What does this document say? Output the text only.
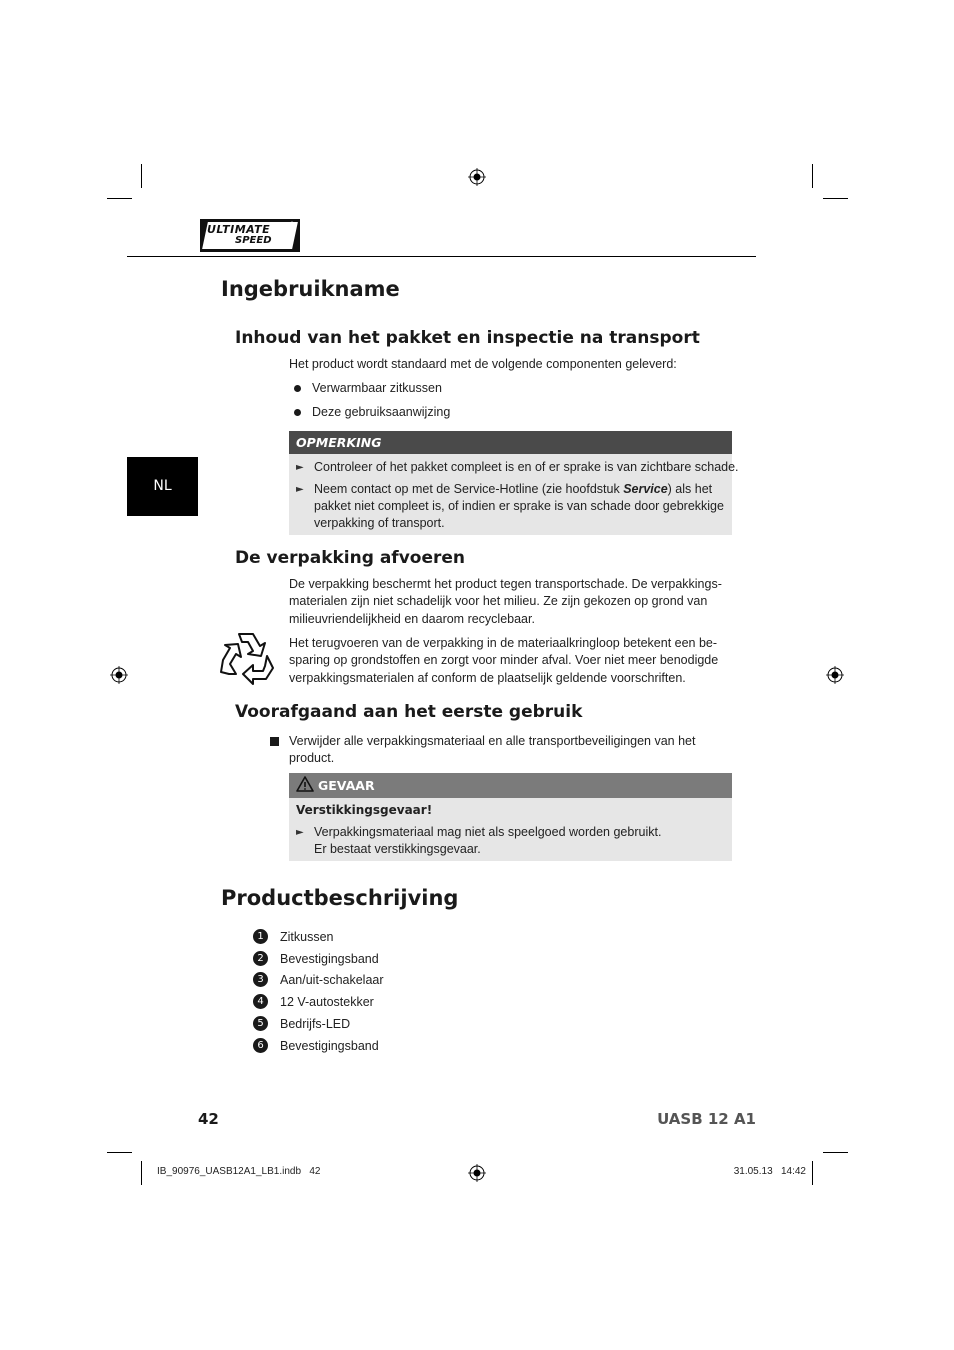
ULTIMATE
SPEED
®
NL
Ingebruikname
Inhoud van het pakket en inspectie na transport
Het product wordt standaard met de volgende componenten geleverd:
Verwarmbaar zitkussen
Deze gebruiksaanwijzing
OPMERKING
► Controleer of het pakket compleet is en of er sprake is van zichtbare schade.
► Neem contact op met de Service-Hotline (zie hoofdstuk Service) als het
pakket niet compleet is, of indien er sprake is van schade door gebrekkige
verpakking of transport.
De verpakking afvoeren
De verpakking beschermt het product tegen transportschade. De verpakkings-
materialen zijn niet schadelijk voor het milieu. Ze zijn gekozen op grond van
milieuvriendelijkheid en daarom recyclebaar.
Het terugvoeren van de verpakking in de materiaalkringloop betekent een be-
sparing op grondstoffen en zorgt voor minder afval. Voer niet meer benodigde
verpakkingsmaterialen af conform de plaatselijk geldende voorschriften.
Voorafgaand aan het eerste gebruik
Verwijder alle verpakkingsmateriaal en alle transportbeveiligingen van het
product.
GEVAAR
Verstikkingsgevaar!
► Verpakkingsmateriaal mag niet als speelgoed worden gebruikt.
Er bestaat verstikkingsgevaar.
Productbeschrijving
1	Zitkussen
2	Bevestigingsband
3	Aan/uit-schakelaar
4	12 V-autostekker
5	Bedrijfs-LED
6	Bevestigingsband
42	UASB 12 A1
IB_90976_UASB12A1_LB1.indb   42	31.05.13   14:42
